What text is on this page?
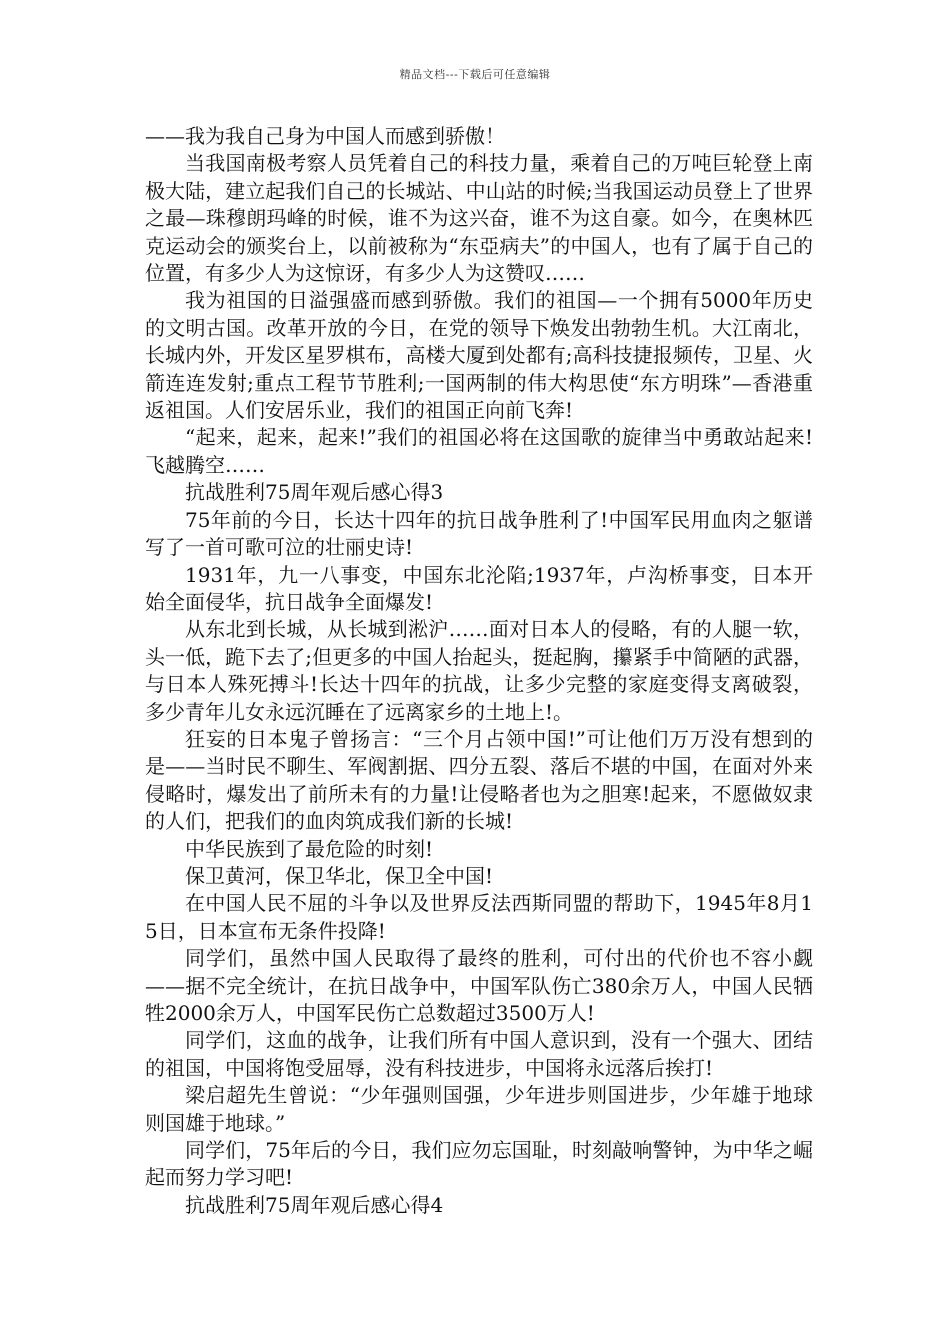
精品文档---下载后可任意编辑

——我为我自己身为中国人而感到骄傲！

当我国南极考察人员凭着自己的科技力量，乘着自己的万吨巨轮登上南极大陆，建立起我们自己的长城站、中山站的时候;当我国运动员登上了世界之最—珠穆朗玛峰的时候，谁不为这兴奋，谁不为这自豪。如今，在奥林匹克运动会的颁奖台上，以前被称为“东亞病夫”的中国人，也有了属于自己的位置，有多少人为这惊讶，有多少人为这赞叹……

我为祖国的日溢强盛而感到骄傲。我们的祖国—一个拥有5000年历史的文明古国。改革开放的今日，在党的领导下焕发出勃勃生机。大江南北，长城内外，开发区星罗棋布，高楼大厦到处都有;高科技捷报频传，卫星、火箭连连发射;重点工程节节胜利;一国两制的伟大构思使“东方明珠”—香港重返祖国。人们安居乐业，我们的祖国正向前飞奔!

“起来，起来，起来!”我们的祖国必将在这国歌的旋律当中勇敢站起来!飞越腾空……

抗战胜利75周年观后感心得3

75年前的今日，长达十四年的抗日战争胜利了!中国军民用血肉之躯谱写了一首可歌可泣的壮丽史诗!

1931年，九一八事变，中国东北沦陷;1937年，卢沟桥事变，日本开始全面侵华，抗日战争全面爆发!

从东北到长城，从长城到淞沪……面对日本人的侵略，有的人腿一软，头一低，跪下去了;但更多的中国人抬起头，挺起胸，攥紧手中简陋的武器，与日本人殊死搏斗!长达十四年的抗战，让多少完整的家庭变得支离破裂，多少青年儿女永远沉睡在了远离家乡的土地上!。

狂妄的日本鬼子曾扬言：“三个月占领中国!”可让他们万万没有想到的是——当时民不聊生、军阀割据、四分五裂、落后不堪的中国，在面对外来侵略时，爆发出了前所未有的力量!让侵略者也为之胆寒!起来，不愿做奴隶的人们，把我们的血肉筑成我们新的长城!

中华民族到了最危险的时刻!

保卫黄河，保卫华北，保卫全中国!

在中国人民不屈的斗争以及世界反法西斯同盟的帮助下，1945年8月15日，日本宣布无条件投降!

同学们，虽然中国人民取得了最终的胜利，可付出的代价也不容小觑——据不完全统计，在抗日战争中，中国军队伤亡380余万人，中国人民牺牲2000余万人，中国军民伤亡总数超过3500万人!

同学们，这血的战争，让我们所有中国人意识到，没有一个强大、团结的祖国，中国将饱受屈辱，没有科技进步，中国将永远落后挨打!

梁启超先生曾说：“少年强则国强，少年进步则国进步，少年雄于地球则国雄于地球。”

同学们，75年后的今日，我们应勿忘国耻，时刻敲响警钟，为中华之崛起而努力学习吧!

抗战胜利75周年观后感心得4
